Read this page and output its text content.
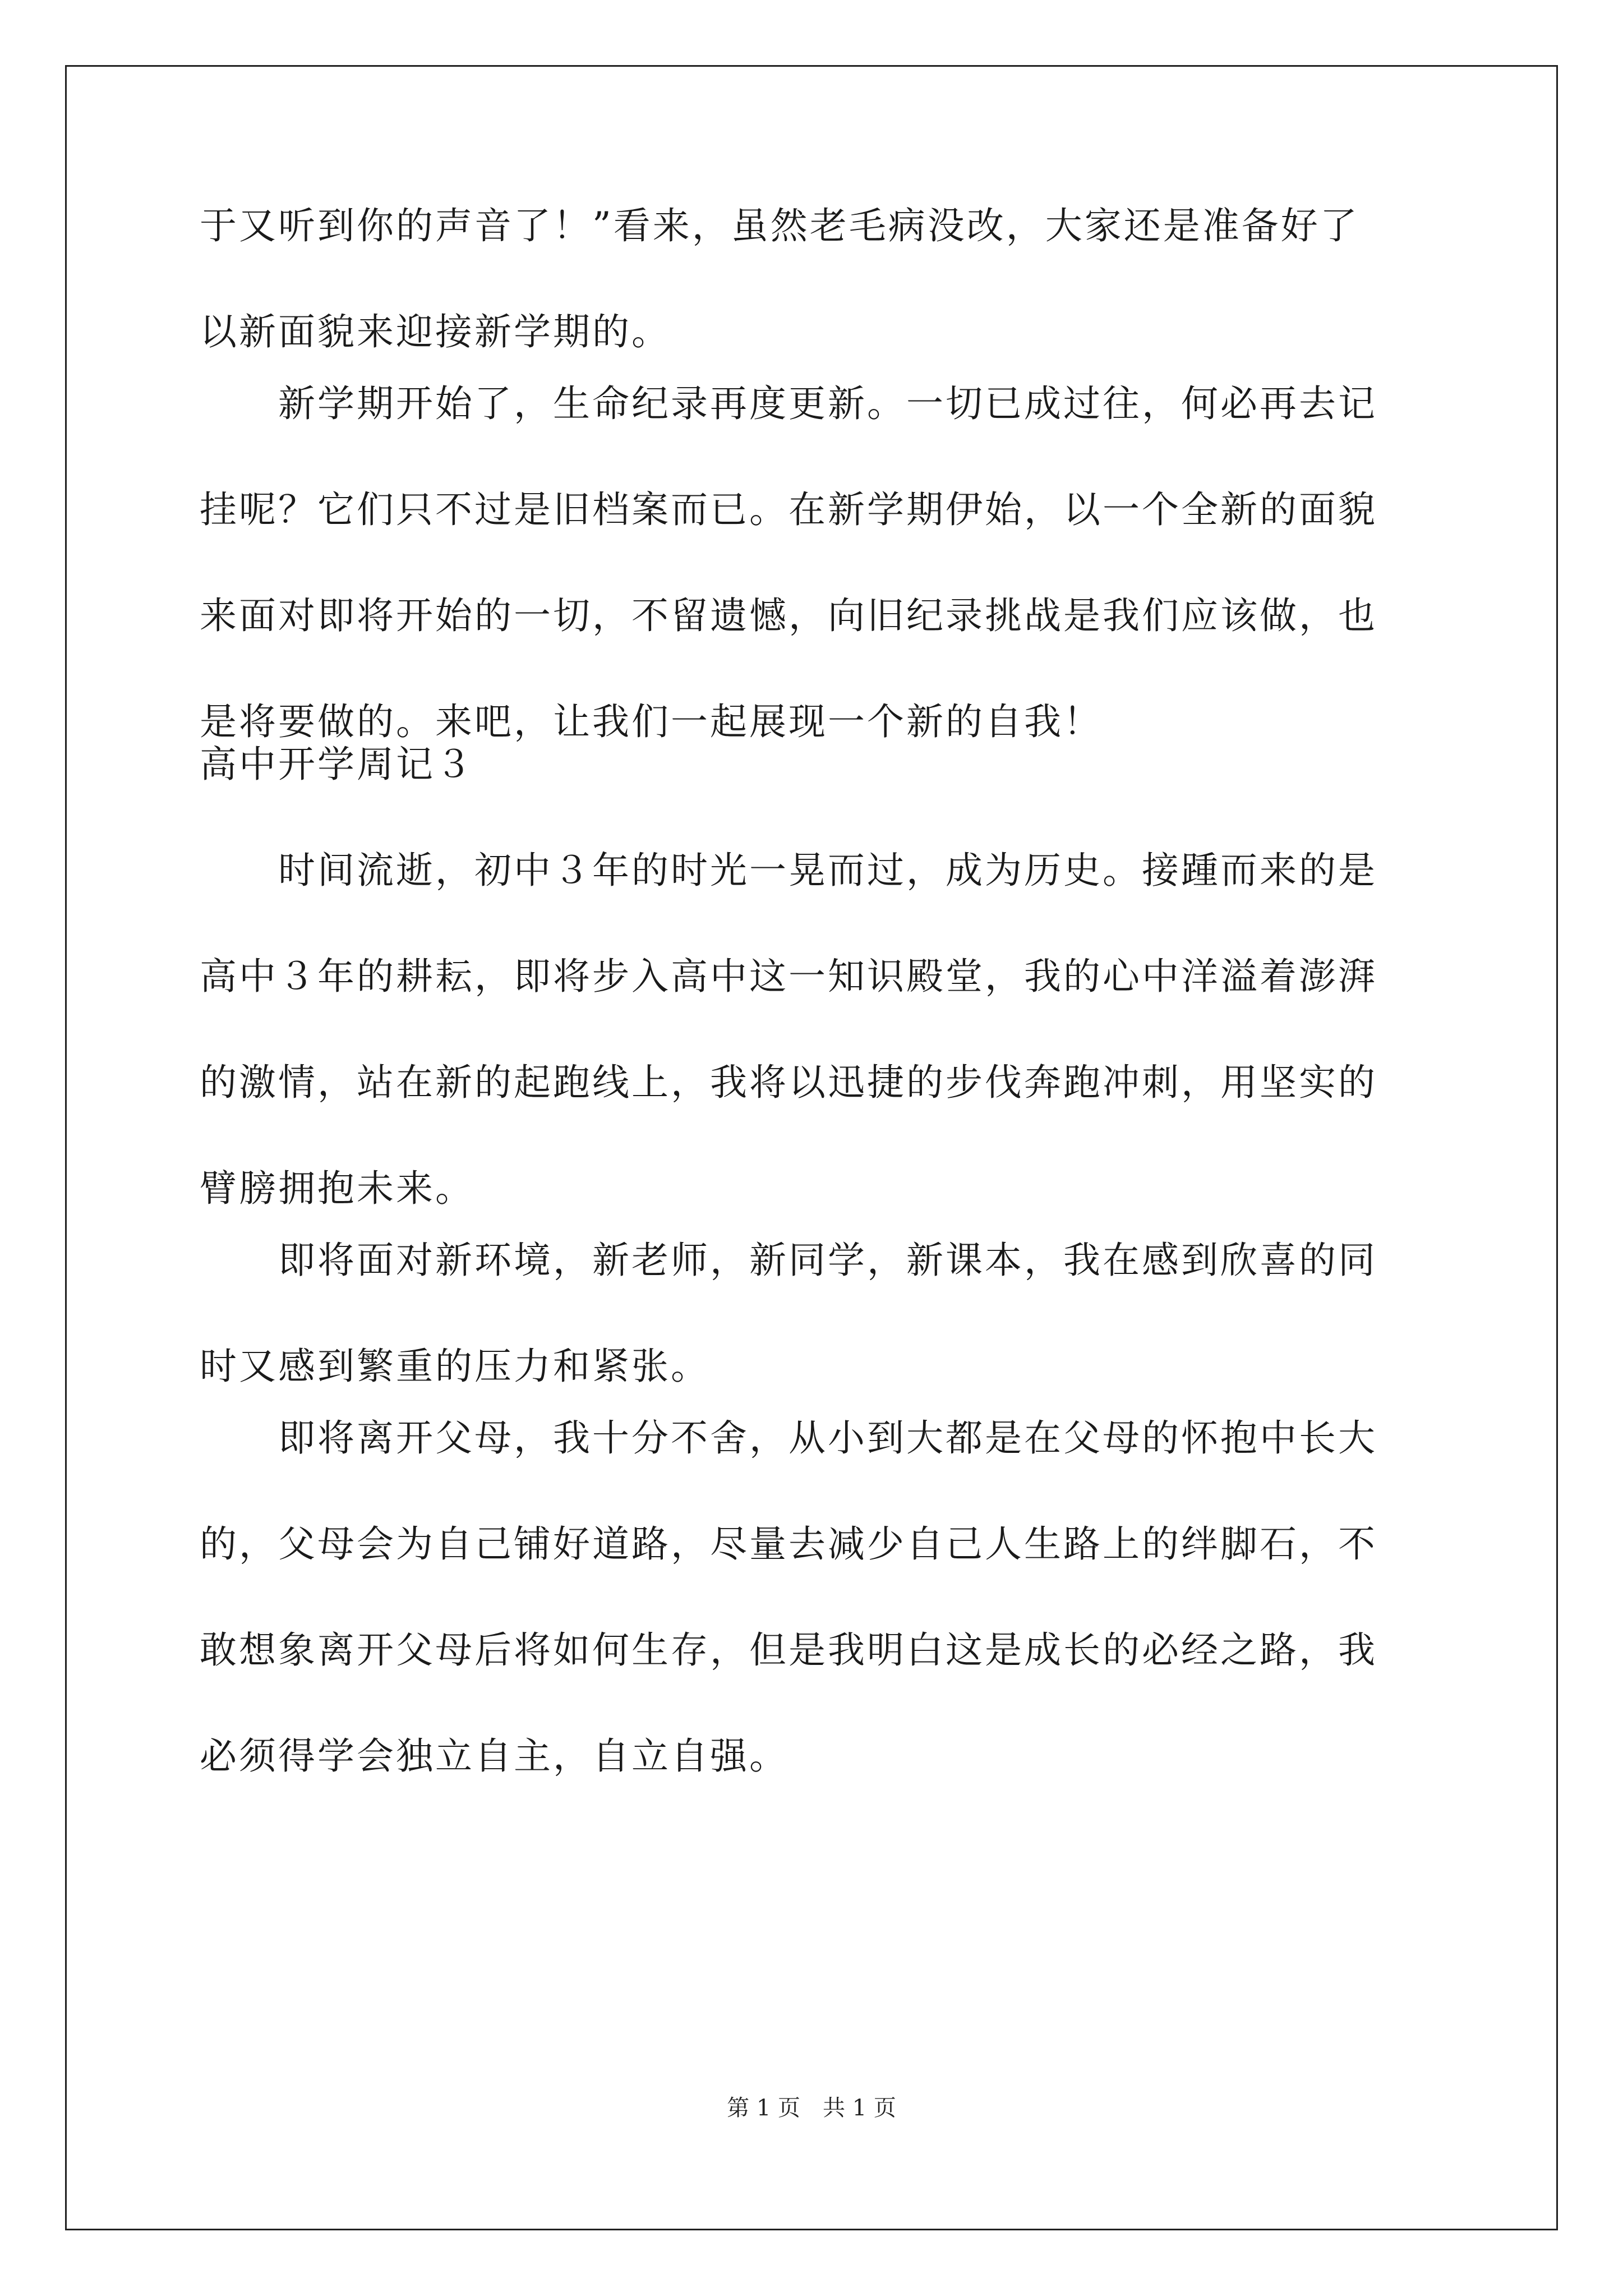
于又听到你的声音了！”看来，虽然老毛病没改，大家还是准备好了
以新面貌来迎接新学期的。
　　新学期开始了，生命纪录再度更新。一切已成过往，何必再去记
挂呢？它们只不过是旧档案而已。在新学期伊始，以一个全新的面貌
来面对即将开始的一切，不留遗憾，向旧纪录挑战是我们应该做，也
是将要做的。来吧，让我们一起展现一个新的自我！
高中开学周记３
　　时间流逝，初中３年的时光一晃而过，成为历史。接踵而来的是
高中３年的耕耘，即将步入高中这一知识殿堂，我的心中洋溢着澎湃
的激情，站在新的起跑线上，我将以迅捷的步伐奔跑冲刺，用坚实的
臂膀拥抱未来。
　　即将面对新环境，新老师，新同学，新课本，我在感到欣喜的同
时又感到繁重的压力和紧张。
　　即将离开父母，我十分不舍，从小到大都是在父母的怀抱中长大
的，父母会为自己铺好道路，尽量去减少自己人生路上的绊脚石，不
敢想象离开父母后将如何生存，但是我明白这是成长的必经之路，我
必须得学会独立自主，自立自强。
第 1 页　共 1 页
